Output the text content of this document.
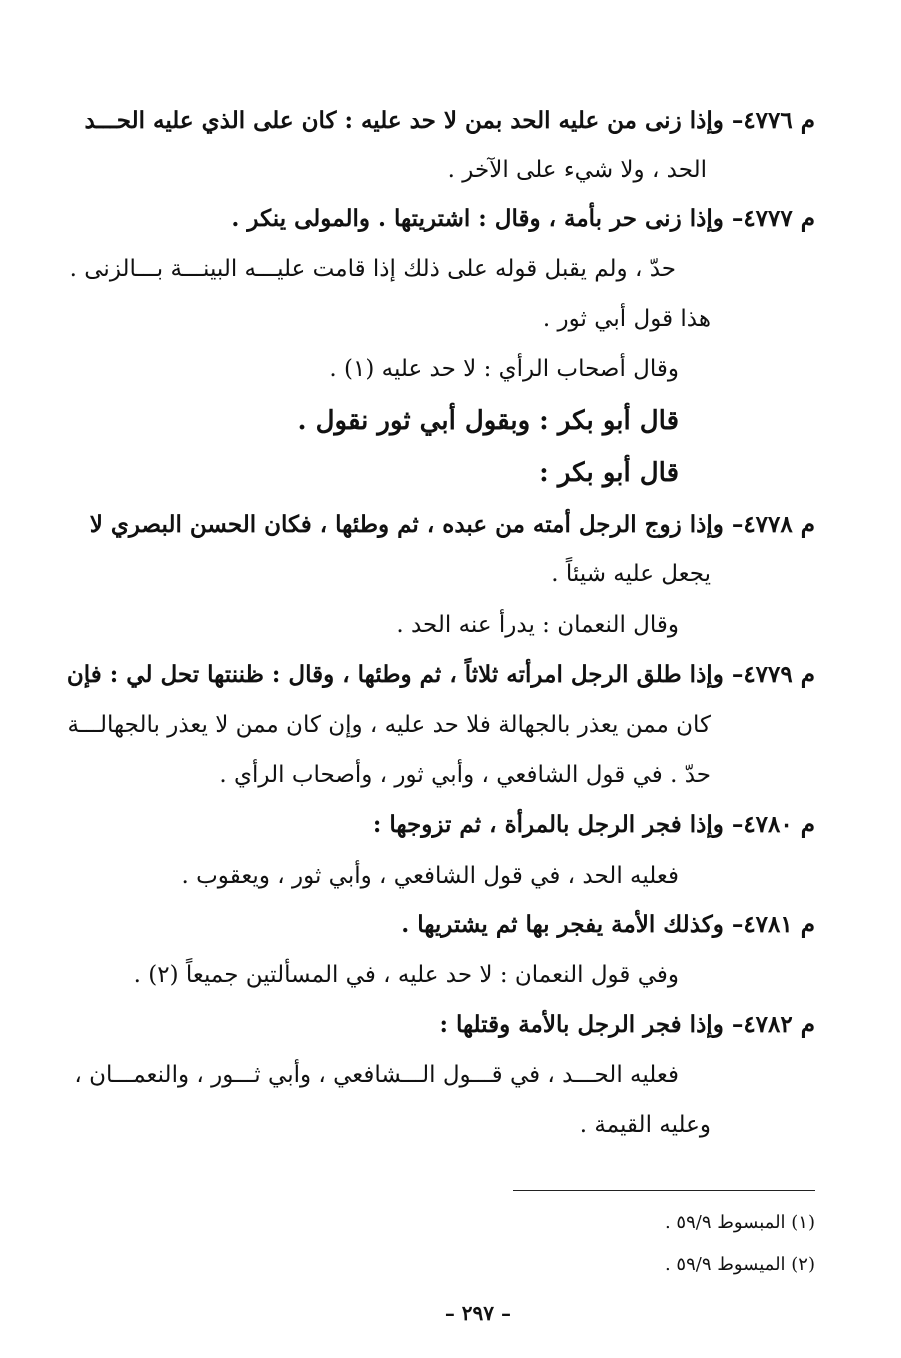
م ٤٧٧٦– وإذا زنى من عليه الحد بمن لا حد عليه : كان على الذي عليه الحـــد
الحد ، ولا شيء على الآخر .
م ٤٧٧٧– وإذا زنى حر بأمة ، وقال : اشتريتها . والمولى ينكر .
حدّ ، ولم يقبل قوله على ذلك إذا قامت عليـــه البينـــة بـــالزنى .
هذا قول أبي ثور .
وقال أصحاب الرأي : لا حد عليه (١) .
قال أبو بكر : وبقول أبي ثور نقول .
قال أبو بكر :
م ٤٧٧٨– وإذا زوج الرجل أمته من عبده ، ثم وطئها ، فكان الحسن البصري لا
يجعل عليه شيئاً .
وقال النعمان : يدرأ عنه الحد .
م ٤٧٧٩– وإذا طلق الرجل امرأته ثلاثاً ، ثم وطئها ، وقال : ظننتها تحل لي : فإن
كان ممن يعذر بالجهالة فلا حد عليه ، وإن كان ممن لا يعذر بالجهالـــة
حدّ . في قول الشافعي ، وأبي ثور ، وأصحاب الرأي .
م ٤٧٨٠– وإذا فجر الرجل بالمرأة ، ثم تزوجها :
فعليه الحد ، في قول الشافعي ، وأبي ثور ، ويعقوب .
م ٤٧٨١– وكذلك الأمة يفجر بها ثم يشتريها .
وفي قول النعمان : لا حد عليه ، في المسألتين جميعاً (٢) .
م ٤٧٨٢– وإذا فجر الرجل بالأمة وقتلها :
فعليه الحـــد ، في قـــول الـــشافعي ، وأبي ثـــور ، والنعمـــان ،
وعليه القيمة .
(١) المبسوط ٥٩/٩ .
(٢) الميسوط ٥٩/٩ .
– ٢٩٧ –
